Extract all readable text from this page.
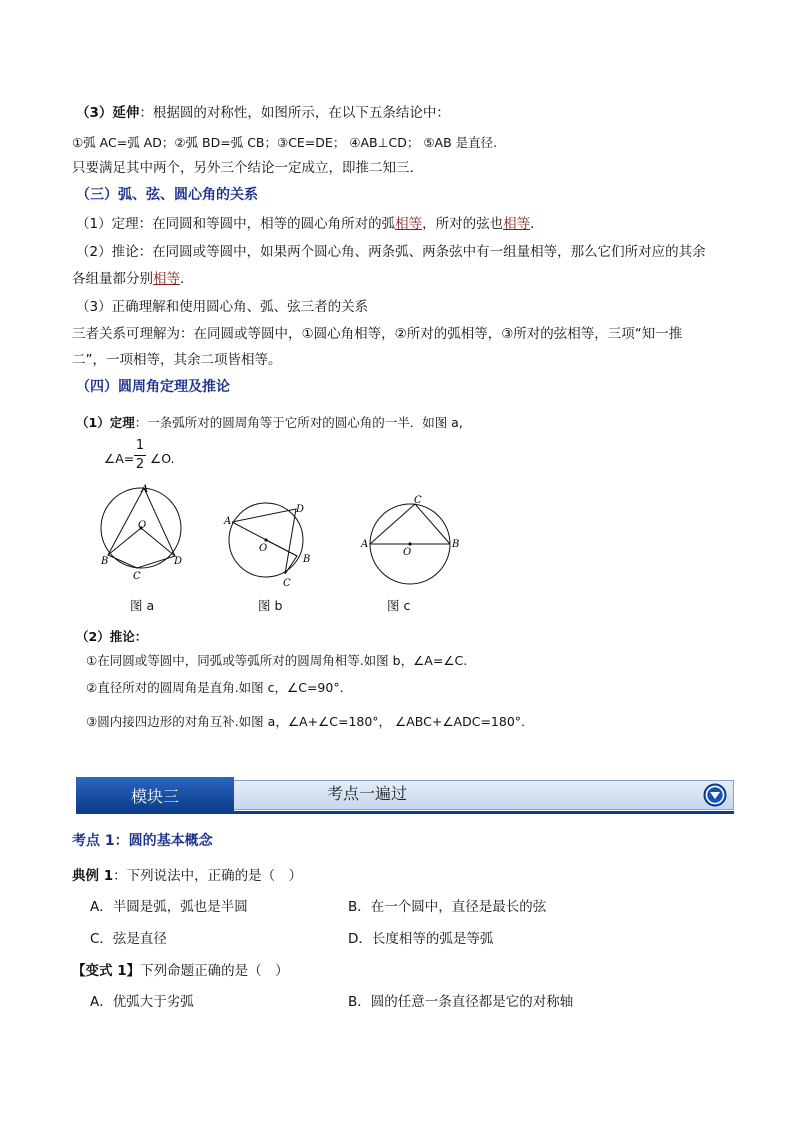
（3）延伸：根据圆的对称性，如图所示，在以下五条结论中：
①弧 AC=弧 AD；②弧 BD=弧 CB；③CE=DE； ④AB⊥CD； ⑤AB 是直径.
只要满足其中两个，另外三个结论一定成立，即推二知三.
（三）弧、弦、圆心角的关系
（1）定理：在同圆和等圆中，相等的圆心角所对的弧相等，所对的弦也相等.
（2）推论：在同圆或等圆中，如果两个圆心角、两条弧、两条弦中有一组量相等，那么它们所对应的其余
各组量都分别相等.
（3）正确理解和使用圆心角、弧、弦三者的关系
三者关系可理解为：在同圆或等圆中，①圆心角相等，②所对的弧相等，③所对的弦相等，三项“知一推
二”，一项相等，其余二项皆相等。
（四）圆周角定理及推论
（1）定理：一条弧所对的圆周角等于它所对的圆心角的一半．如图 a,
∠A=
1
2 ∠O.
A
O
B
C
D
图 a
A
O
B
C
D
图 b
A
O
B
C
图 c
（2）推论：
①在同圆或等圆中，同弧或等弧所对的圆周角相等.如图 b，∠A=∠C.
②直径所对的圆周角是直角.如图 c，∠C=90°．
③圆内接四边形的对角互补.如图 a，∠A+∠C=180°， ∠ABC+∠ADC=180°．
考点一遍过
模块三
考点 1：圆的基本概念
典例 1：下列说法中，正确的是（　）
A．半圆是弧，弧也是半圆	B．在一个圆中，直径是最长的弦
C．弦是直径	D．长度相等的弧是等弧
【变式 1】下列命题正确的是（　）
A．优弧大于劣弧	B．圆的任意一条直径都是它的对称轴
